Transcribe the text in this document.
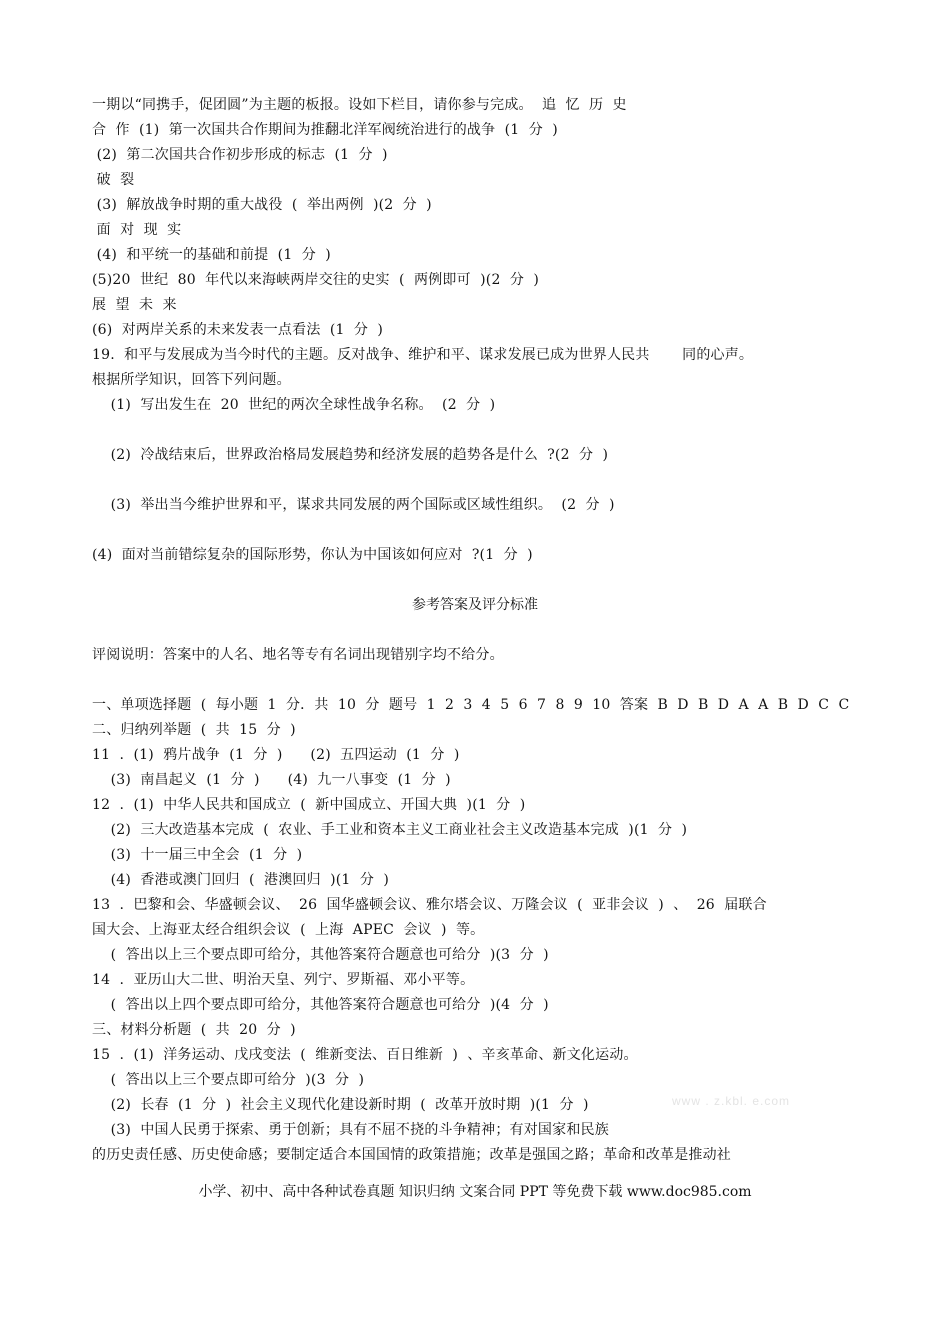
一期以“同携手，促团圆”为主题的板报。设如下栏目，请你参与完成。  追  忆  历  史
合  作  (1)  第一次国共合作期间为推翻北洋军阀统治进行的战争  (1  分  )
(2)  第二次国共合作初步形成的标志  (1  分  )
破  裂
(3)  解放战争时期的重大战役  (  举出两例  )(2  分  )
面  对  现  实
(4)  和平统一的基础和前提  (1  分  )
(5)20  世纪  80  年代以来海峡两岸交往的史实  (  两例即可  )(2  分  )
展  望  未  来
(6)  对两岸关系的未来发表一点看法  (1  分  )
19.  和平与发展成为当今时代的主题。反对战争、维护和平、谋求发展已成为世界人民共       同的心声。
根据所学知识，回答下列问题。
(1)  写出发生在  20  世纪的两次全球性战争名称。  (2  分  )
(2)  冷战结束后，世界政治格局发展趋势和经济发展的趋势各是什么  ?(2  分  )
(3)  举出当今维护世界和平，谋求共同发展的两个国际或区域性组织。  (2  分  )
(4)  面对当前错综复杂的国际形势，你认为中国该如何应对  ?(1  分  )
参考答案及评分标准
评阅说明：答案中的人名、地名等专有名词出现错别字均不给分。
一、单项选择题  (  每小题  1  分．共  10  分  题号  1  2  3  4  5  6  7  8  9  10  答案  B  D  B  D  A  A  B  D  C  C
二、归纳列举题  (  共  15  分  )
11  .  (1)  鸦片战争  (1  分  )      (2)  五四运动  (1  分  )
(3)  南昌起义  (1  分  )      (4)  九一八事变  (1  分  )
12  .  (1)  中华人民共和国成立  (  新中国成立、开国大典  )(1  分  )
(2)  三大改造基本完成  (  农业、手工业和资本主义工商业社会主义改造基本完成  )(1  分  )
(3)  十一届三中全会  (1  分  )
(4)  香港或澳门回归  (  港澳回归  )(1  分  )
13  .  巴黎和会、华盛顿会议、  26  国华盛顿会议、雅尔塔会议、万隆会议  (  亚非会议  )  、  26  届联合
国大会、上海亚太经合组织会议  (  上海  APEC  会议  )  等。
(  答出以上三个要点即可给分，其他答案符合题意也可给分  )(3  分  )
14  .  亚历山大二世、明治天皇、列宁、罗斯福、邓小平等。
(  答出以上四个要点即可给分，其他答案符合题意也可给分  )(4  分  )
三、材料分析题  (  共  20  分  )
15  .  (1)  洋务运动、戊戌变法  (  维新变法、百日维新  )  、辛亥革命、新文化运动。
(  答出以上三个要点即可给分  )(3  分  )
(2)  长春  (1  分  )  社会主义现代化建设新时期  (  改革开放时期  )(1  分  )
(3)  中国人民勇于探索、勇于创新；具有不屈不挠的斗争精神；有对国家和民族
的历史责任感、历史使命感；要制定适合本国国情的政策措施；改革是强国之路；革命和改革是推动社
www . z.kbl. e.com
小学、初中、高中各种试卷真题 知识归纳 文案合同 PPT 等免费下载 www.doc985.com
